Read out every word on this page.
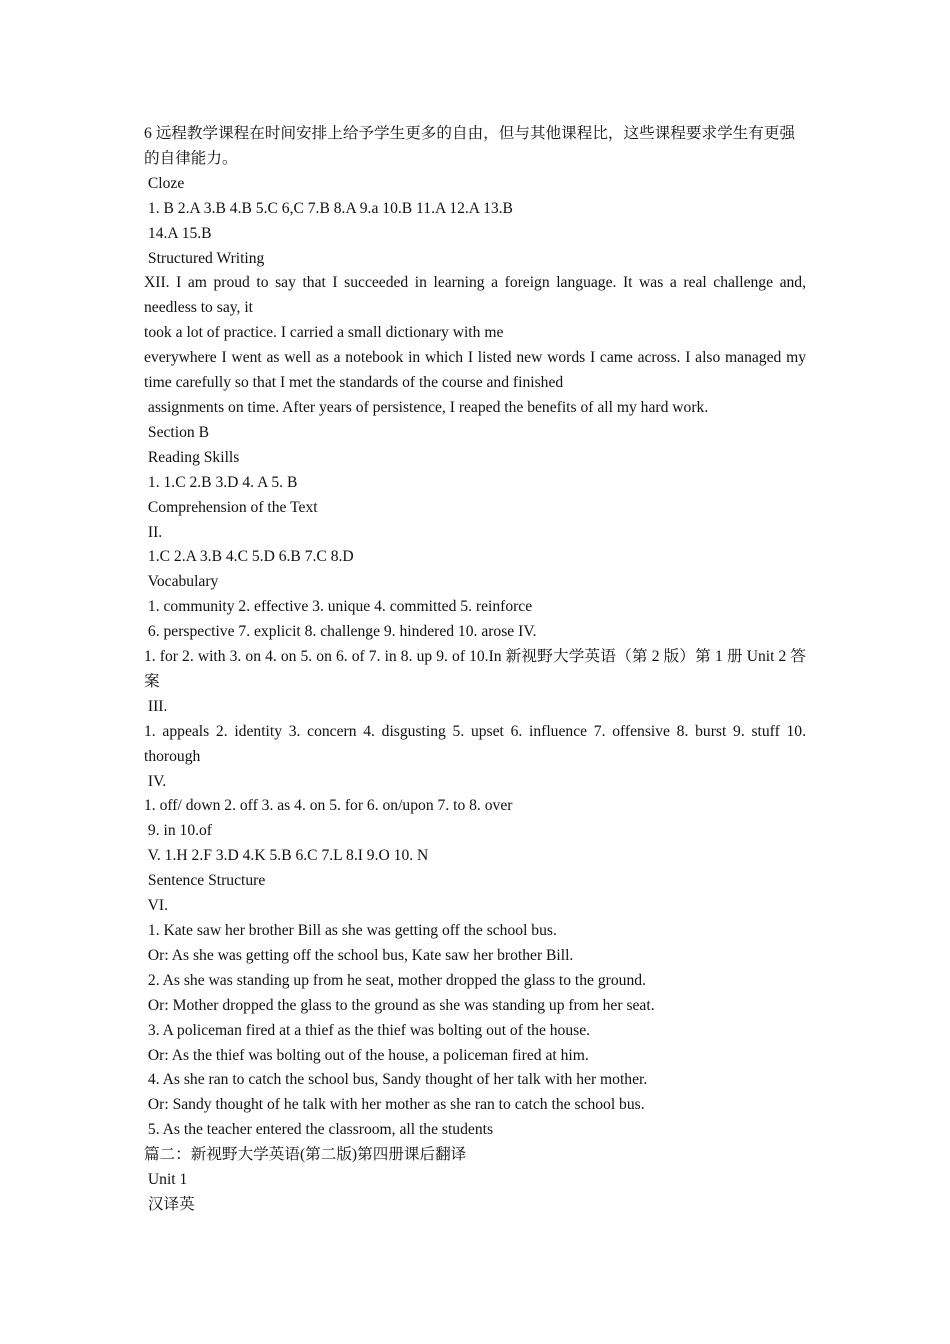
6 远程教学课程在时间安排上给予学生更多的自由，但与其他课程比，这些课程要求学生有更强的自律能力。
Cloze
1. B 2.A 3.B 4.B 5.C 6,C 7.B 8.A 9.a 10.B 11.A 12.A 13.B
14.A 15.B
Structured Writing
XII. I am proud to say that I succeeded in learning a foreign language. It was a real challenge and, needless to say, it
took a lot of practice. I carried a small dictionary with me
everywhere I went as well as a notebook in which I listed new words I came across. I also managed my time carefully so that I met the standards of the course and finished
assignments on time. After years of persistence, I reaped the benefits of all my hard work.
Section B
Reading Skills
1. 1.C 2.B 3.D 4. A 5. B
Comprehension of the Text
II.
1.C 2.A 3.B 4.C 5.D 6.B 7.C 8.D
Vocabulary
1. community 2. effective 3. unique 4. committed 5. reinforce
6. perspective 7. explicit 8. challenge 9. hindered 10. arose IV.
1. for 2. with 3. on 4. on 5. on 6. of 7. in 8. up 9. of 10.In 新视野大学英语（第 2 版）第 1 册 Unit 2 答案
III.
1. appeals 2. identity 3. concern 4. disgusting 5. upset 6. influence 7. offensive 8. burst 9. stuff 10. thorough
IV.
1. off/ down 2. off 3. as 4. on 5. for 6. on/upon 7. to 8. over
9. in 10.of
V. 1.H 2.F 3.D 4.K 5.B 6.C 7.L 8.I 9.O 10. N
Sentence Structure
VI.
1. Kate saw her brother Bill as she was getting off the school bus.
Or: As she was getting off the school bus, Kate saw her brother Bill.
2. As she was standing up from he seat, mother dropped the glass to the ground.
Or: Mother dropped the glass to the ground as she was standing up from her seat.
3. A policeman fired at a thief as the thief was bolting out of the house.
Or: As the thief was bolting out of the house, a policeman fired at him.
4. As she ran to catch the school bus, Sandy thought of her talk with her mother.
Or: Sandy thought of he talk with her mother as she ran to catch the school bus.
5. As the teacher entered the classroom, all the students
篇二：新视野大学英语(第二版)第四册课后翻译
Unit 1
汉译英
